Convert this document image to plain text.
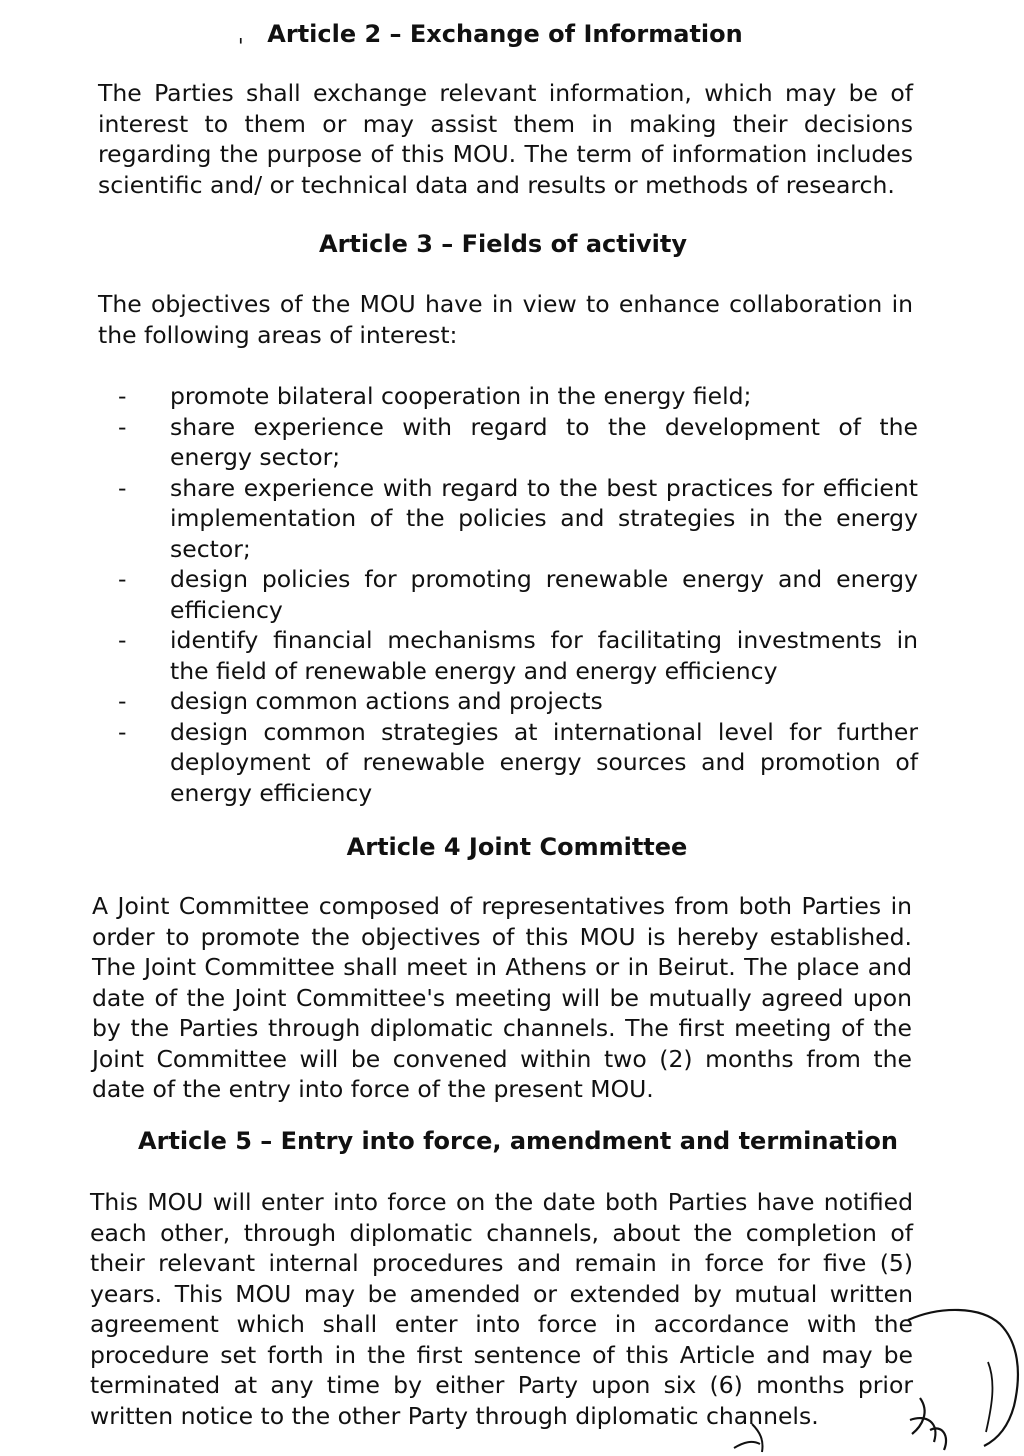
' Article 2 – Exchange of Information

The Parties shall exchange relevant information, which may be of interest to them or may assist them in making their decisions regarding the purpose of this MOU. The term of information includes scientific and/ or technical data and results or methods of research.

Article 3 – Fields of activity

The objectives of the MOU have in view to enhance collaboration in the following areas of interest:

- promote bilateral cooperation in the energy field;
- share experience with regard to the development of the energy sector;
- share experience with regard to the best practices for efficient implementation of the policies and strategies in the energy sector;
- design policies for promoting renewable energy and energy efficiency
- identify financial mechanisms for facilitating investments in the field of renewable energy and energy efficiency
- design common actions and projects
- design common strategies at international level for further deployment of renewable energy sources and promotion of energy efficiency
Article 4 Joint Committee

A Joint Committee composed of representatives from both Parties in order to promote the objectives of this MOU is hereby established. The Joint Committee shall meet in Athens or in Beirut. The place and date of the Joint Committee's meeting will be mutually agreed upon by the Parties through diplomatic channels. The first meeting of the Joint Committee will be convened within two (2) months from the date of the entry into force of the present MOU.

Article 5 – Entry into force, amendment and termination

This MOU will enter into force on the date both Parties have notified each other, through diplomatic channels, about the completion of their relevant internal procedures and remain in force for five (5) years. This MOU may be amended or extended by mutual written agreement which shall enter into force in accordance with the procedure set forth in the first sentence of this Article and may be terminated at any time by either Party upon six (6) months prior written notice to the other Party through diplomatic channels.
